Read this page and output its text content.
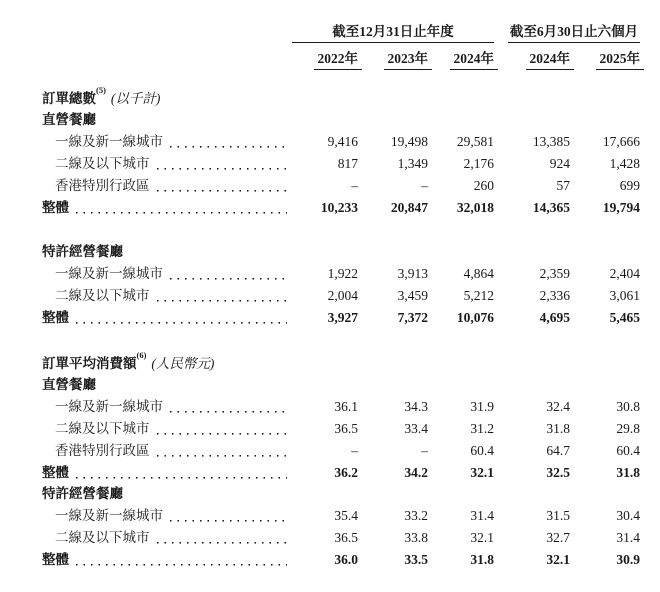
截至12月31日止年度	截至6月30日止六個月
2022年	2023年	2024年	2024年	2025年
訂單總數$^{(5)}$(以千計)
直營餐廳
一線及新一線城市	9,416	19,498	29,581	13,385	17,666
二線及以下城市	817	1,349	2,176	924	1,428
香港特別行政區	–	–	260	57	699
整體	10,233	20,847	32,018	14,365	19,794
特許經營餐廳
一線及新一線城市	1,922	3,913	4,864	2,359	2,404
二線及以下城市	2,004	3,459	5,212	2,336	3,061
整體	3,927	7,372	10,076	4,695	5,465
訂單平均消費額$^{(6)}$(人民幣元)
直營餐廳
一線及新一線城市	36.1	34.3	31.9	32.4	30.8
二線及以下城市	36.5	33.4	31.2	31.8	29.8
香港特別行政區	–	–	60.4	64.7	60.4
整體	36.2	34.2	32.1	32.5	31.8
特許經營餐廳
一線及新一線城市	35.4	33.2	31.4	31.5	30.4
二線及以下城市	36.5	33.8	32.1	32.7	31.4
整體	36.0	33.5	31.8	32.1	30.9
